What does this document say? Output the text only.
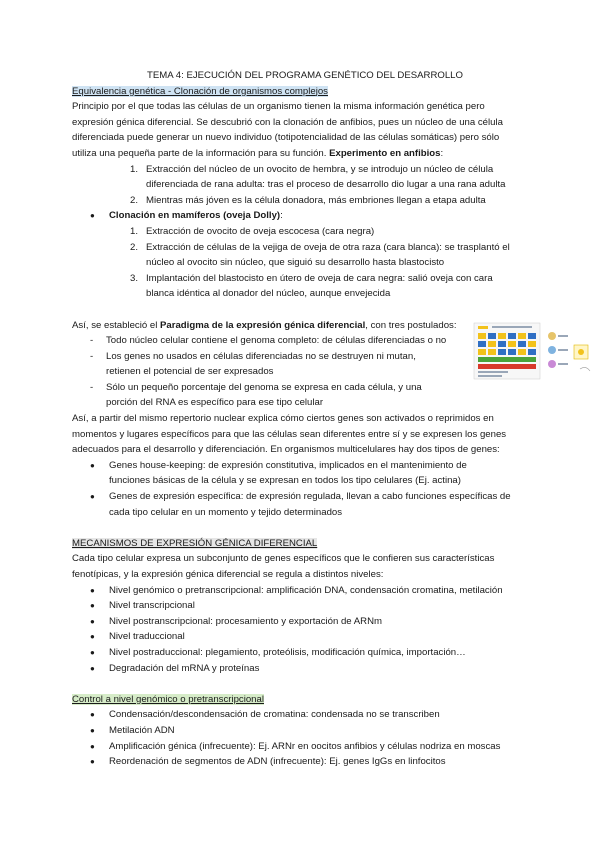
TEMA 4: EJECUCIÓN DEL PROGRAMA GENÉTICO DEL DESARROLLO
Equivalencia genética - Clonación de organismos complejos
Principio por el que todas las células de un organismo tienen la misma información genética pero
expresión génica diferencial. Se descubrió con la clonación de anfibios, pues un núcleo de una célula
diferenciada puede generar un nuevo individuo (totipotencialidad de las células somáticas) pero sólo
utiliza una pequeña parte de la información para su función. Experimento en anfibios:
1. Extracción del núcleo de un ovocito de hembra, y se introdujo un núcleo de célula
diferenciada de rana adulta: tras el proceso de desarrollo dio lugar a una rana adulta
2. Mientras más jóven es la célula donadora, más embriones llegan a etapa adulta
● Clonación en mamíferos (oveja Dolly):
1. Extracción de ovocito de oveja escocesa (cara negra)
2. Extracción de células de la vejiga de oveja de otra raza (cara blanca): se trasplantó el
núcleo al ovocito sin núcleo, que siguió su desarrollo hasta blastocisto
3. Implantación del blastocisto en útero de oveja de cara negra: salió oveja con cara
blanca idéntica al donador del núcleo, aunque envejecida
Así, se estableció el Paradigma de la expresión génica diferencial, con tres postulados:
- Todo núcleo celular contiene el genoma completo: de células diferenciadas o no
- Los genes no usados en células diferenciadas no se destruyen ni mutan,
retienen el potencial de ser expresados
- Sólo un pequeño porcentaje del genoma se expresa en cada célula, y una
porción del RNA es específico para ese tipo celular
Así, a partir del mismo repertorio nuclear explica cómo ciertos genes son activados o reprimidos en
momentos y lugares específicos para que las células sean diferentes entre sí y se expresen los genes
adecuados para el desarrollo y diferenciación. En organismos multicelulares hay dos tipos de genes:
● Genes house-keeping: de expresión constitutiva, implicados en el mantenimiento de
funciones básicas de la célula y se expresan en todos los tipo celulares (Ej. actina)
● Genes de expresión específica: de expresión regulada, llevan a cabo funciones específicas de
cada tipo celular en un momento y tejido determinados
MECANISMOS DE EXPRESIÓN GÉNICA DIFERENCIAL
Cada tipo celular expresa un subconjunto de genes específicos que le confieren sus características
fenotípicas, y la expresión génica diferencial se regula a distintos niveles:
● Nivel genómico o pretranscripcional: amplificación DNA, condensación cromatina, metilación
● Nivel transcripcional
● Nivel postranscripcional: procesamiento y exportación de ARNm
● Nivel traduccional
● Nivel postraduccional: plegamiento, proteólisis, modificación química, importación…
● Degradación del mRNA y proteínas
Control a nivel genómico o pretranscripcional
● Condensación/descondensación de cromatina: condensada no se transcriben
● Metilación ADN
● Amplificación génica (infrecuente): Ej. ARNr en oocitos anfibios y células nodriza en moscas
● Reordenación de segmentos de ADN (infrecuente): Ej. genes IgGs en linfocitos
